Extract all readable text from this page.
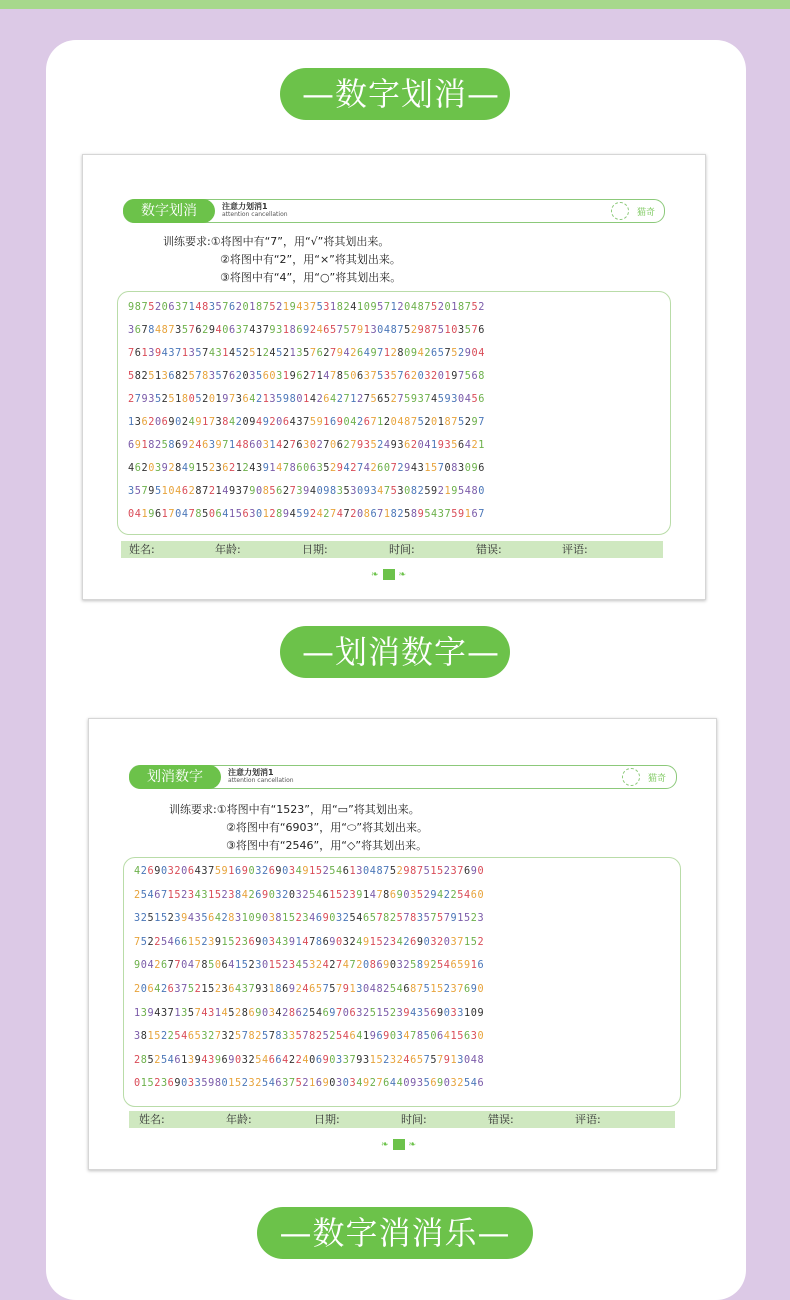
—数字划消—
数字划消	注意力划消1
attention cancellation	猫奇
训练要求:①将图中有“7”，用“√”将其划出来。
②将图中有“2”，用“×”将其划出来。
③将图中有“4”，用“○”将其划出来。
98752063714835762018752194375318241095712048752018752
36784873576294063743793186924657579130487529875103576
76139437135743145251245213576279426497128094265752904
58251368257835762035603196271478506375357620320197568
27935251805201973642135980142642712756527593745930456
13620690249173842094920643759169042671204875201875297
69182586924639714860314276302706279352493620419356421
46203928491523621243914786063529427426072943157083096
35795104628721493790856273940983530934753082592195480
04196170478506415630128945924274720867182589543759167
姓名:	年龄:	日期:	时间:	错误:	评语:
❧ ❧
—划消数字—
划消数字	注意力划消1
attention cancellation	猫奇
训练要求:①将图中有“1523”，用“▭”将其划出来。
②将图中有“6903”，用“⬭”将其划出来。
③将图中有“2546”，用“◇”将其划出来。
4269032064375916903269034915254613048752987515237690
2546715234315238426903203254615239147869035294225460
3251523943564283109038152346903254657825783575791523
7522546615239152369034391478690324915234269032037152
9042677047850641523015234532427472086903258925465916
2064263752152364379318692465757913048254687515237690
1394371357431452869034286254697063251523943569033109
3815225465327325782578335782525464196903478506415630
2852546139439690325466422406903379315232465757913048
0152369033598015232546375216903034927644093569032546
姓名:	年龄:	日期:	时间:	错误:	评语:
❧ ❧
—数字消消乐—
